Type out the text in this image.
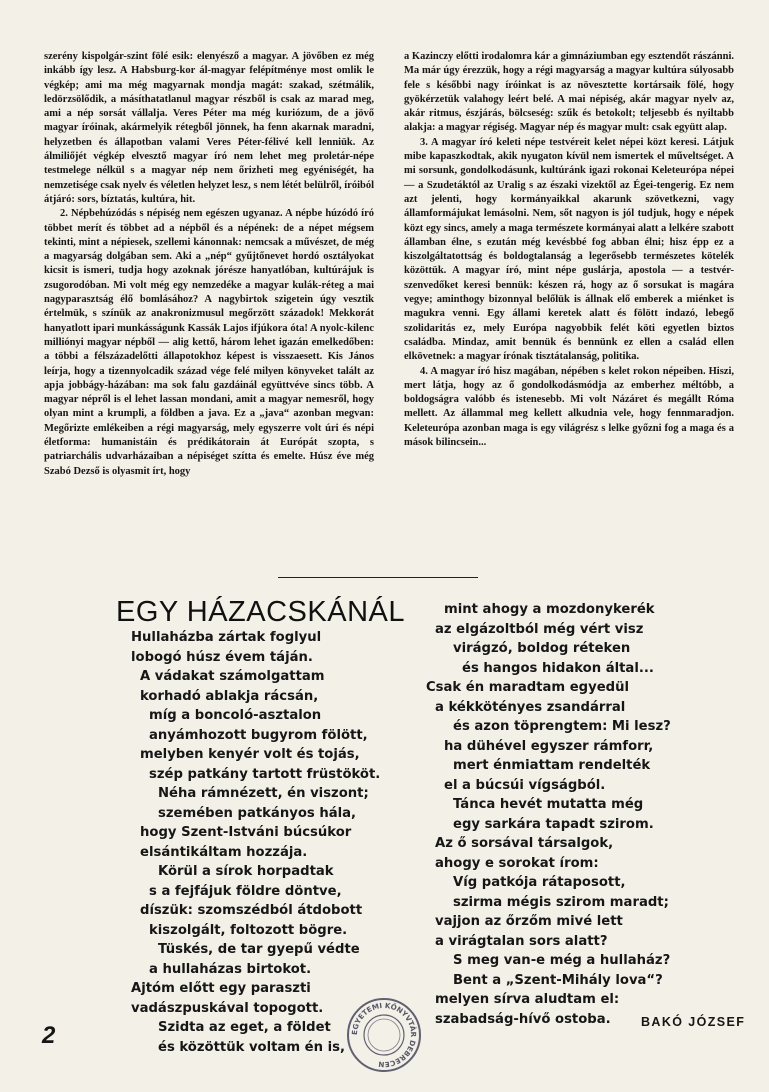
szerény kispolgár-szint fölé esik: elenyésző a magyar. A jövőben ez még inkább így lesz. A Habsburg-kor ál-magyar felépítménye most omlik le végkép; ami ma még magyarnak mondja magát: szakad, szétmálik, ledörzsölődik, a másíthatatlanul magyar részből is csak az marad meg, ami a nép sorsát vállalja. Veres Péter ma még kuriózum, de a jövő magyar íróinak, akármelyik rétegből jönnek, ha fenn akarnak maradni, helyzetben és állapotban valami Veres Péter-félivé kell lenniük. Az álmiliőjét végkép elvesztő magyar író nem lehet meg proletár-népe testmelege nélkül s a magyar nép nem őrizheti meg egyéniségét, ha nemzetisége csak nyelv és véletlen helyzet lesz, s nem létét belülről, íróiból átjáró: sors, bíztatás, kultúra, hit.

2. Népbehúzódás s népiség nem egészen ugyanaz. A népbe húzódó író többet merít és többet ad a népből és a népének: de a népet mégsem tekinti, mint a népiesek, szellemi kánonnak: nemcsak a művészet, de még a magyarság dolgában sem. Aki a „nép“ gyűjtőnevet hordó osztályokat kicsit is ismeri, tudja hogy azoknak jórésze hanyatlóban, kultúrájuk is zsugorodóban. Mi volt még egy nemzedéke a magyar kulák-réteg a mai nagyparasztság élő bomlásához? A nagybirtok szigetein úgy vesztik értelmük, s színük az anakronizmusul megőrzött századok! Mekkorát hanyatlott ipari munkásságunk Kassák Lajos ifjúkora óta! A nyolc-kilenc milliónyi magyar népből — alig kettő, három lehet igazán emelkedőben: a többi a félszázadelőtti állapotokhoz képest is visszaesett. Kis János leírja, hogy a tizennyolcadik század vége felé milyen könyveket talált az apja jobbágy-házában: ma sok falu gazdáinál együttvéve sincs több. A magyar népről is el lehet lassan mondani, amit a magyar nemesről, hogy olyan mint a krumpli, a földben a java. Ez a „java“ azonban megvan: Megőrizte emlékeiben a régi magyarság, mely egyszerre volt úri és népi életforma: humanistáin és prédikátorain át Európát szopta, s patriarchális udvarházaiban a népiséget szítta és emelte. Húsz éve még Szabó Dezső is olyasmit írt, hogy

a Kazinczy előtti irodalomra kár a gimnáziumban egy esztendőt rászánni. Ma már úgy érezzük, hogy a régi magyarság a magyar kultúra súlyosabb fele s későbbi nagy íróinkat is az növesztette kortársaik fölé, hogy gyökérzetük valahogy leért belé. A mai népiség, akár magyar nyelv az, akár ritmus, észjárás, bölcseség: szűk és betokolt; teljesebb és nyiltabb alakja: a magyar régiség. Magyar nép és magyar mult: csak együtt alap.

3. A magyar író keleti népe testvéreit kelet népei közt keresi. Látjuk mibe kapaszkodtak, akik nyugaton kívül nem ismertek el műveltséget. A mi sorsunk, gondolkodásunk, kultúránk igazi rokonai Keleteurópa népei — a Szudetáktól az Uralig s az északi vizektől az Égei-tengerig. Ez nem azt jelenti, hogy kormányaikkal akarunk szövetkezni, vagy államformájukat lemásolni. Nem, sőt nagyon is jól tudjuk, hogy e népek közt egy sincs, amely a maga természete kormányai alatt a lelkére szabott államban élne, s ezután még kevésbbé fog abban élni; hisz épp ez a kiszolgáltatottság és boldogtalanság a legerősebb természetes kötelék közöttük. A magyar író, mint népe guslárja, apostola — a testvér-szenvedőket keresi bennük: készen rá, hogy az ő sorsukat is magára vegye; aminthogy bizonnyal belőlük is állnak elő emberek a miénket is magukra venni. Egy állami keretek alatt és fölött indazó, lebegő szolidaritás ez, mely Európa nagyobbik felét köti egyetlen biztos családba. Mindaz, amit bennük és bennünk ez ellen a család ellen elkövetnek: a magyar írónak tisztátalanság, politika.

4. A magyar író hisz magában, népében s kelet rokon népeiben. Hiszi, mert látja, hogy az ő gondolkodásmódja az emberhez méltóbb, a boldogságra valóbb és istenesebb. Mi volt Názáret és megállt Róma mellett. Az állammal meg kellett alkudnia vele, hogy fennmaradjon. Keleteurópa azonban maga is egy világrész s lelke győzni fog a maga és a mások bilincsein...

EGY HÁZACSKÁNÁL
Hullaházba zártak foglyul
lobogó húsz évem táján.
A vádakat számolgattam
korhadó ablakja rácsán,
míg a boncoló-asztalon
anyámhozott bugyrom fölött,
melyben kenyér volt és tojás,
szép patkány tartott früstököt.
Néha rámnézett, én viszont;
szemében patkányos hála,
hogy Szent-Istváni búcsúkor
elsántikáltam hozzája.
Körül a sírok horpadtak
s a fejfájuk földre döntve,
díszük: szomszédból átdobott
kiszolgált, foltozott bögre.
Tüskés, de tar gyepű védte
a hullaházas birtokot.
Ajtóm előtt egy paraszti
vadászpuskával topogott.
Szidta az eget, a földet
és közöttük voltam én is,
mint ahogy a mozdonykerék
az elgázoltból még vért visz
virágzó, boldog réteken
és hangos hidakon által...
Csak én maradtam egyedül
a kékkötényes zsandárral
és azon töprengtem: Mi lesz?
ha dühével egyszer rámforr,
mert énmiattam rendelték
el a búcsúi vígságból.
Tánca hevét mutatta még
egy sarkára tapadt szirom.
Az ő sorsával társalgok,
ahogy e sorokat írom:
Víg patkója rátaposott,
szirma mégis szirom maradt;
vajjon az őrzőm mivé lett
a virágtalan sors alatt?
S meg van-e még a hullaház?
Bent a „Szent-Mihály lova“?
melyen sírva aludtam el:
szabadság-hívő ostoba.	BAKÓ JÓZSEF
2	EGYETEMI KÖNYVTÁR DEBRECEN
